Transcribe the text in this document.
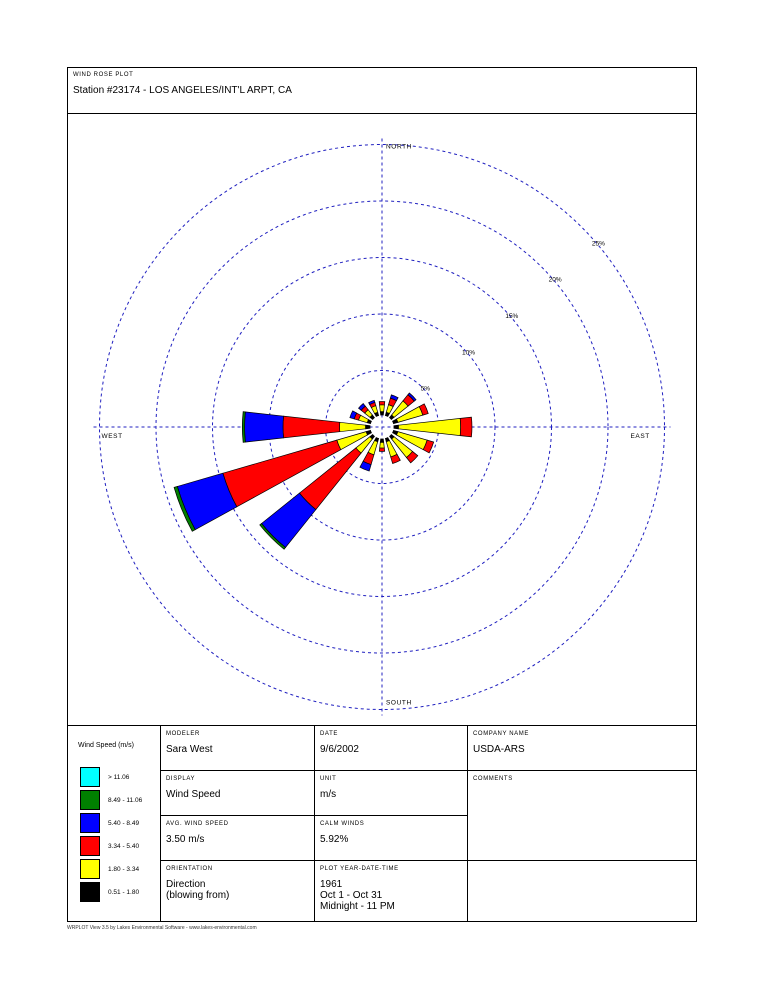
WIND ROSE PLOT
Station #23174 - LOS ANGELES/INT'L ARPT, CA
5%
10%
15%
20%
25%
NORTH
SOUTH
EAST
WEST
Wind Speed (m/s)
> 11.06
8.49 - 11.06
5.40 - 8.49
3.34 - 5.40
1.80 - 3.34
0.51 - 1.80
MODELER
Sara West
DATE
9/6/2002
COMPANY NAME
USDA-ARS
DISPLAY
Wind Speed
UNIT
m/s
COMMENTS
AVG. WIND SPEED
3.50 m/s
CALM WINDS
5.92%
ORIENTATION
Direction
(blowing from)
PLOT YEAR-DATE-TIME
1961
Oct 1 - Oct 31
Midnight - 11 PM
WRPLOT View 3.5 by Lakes Environmental Software - www.lakes-environmental.com
